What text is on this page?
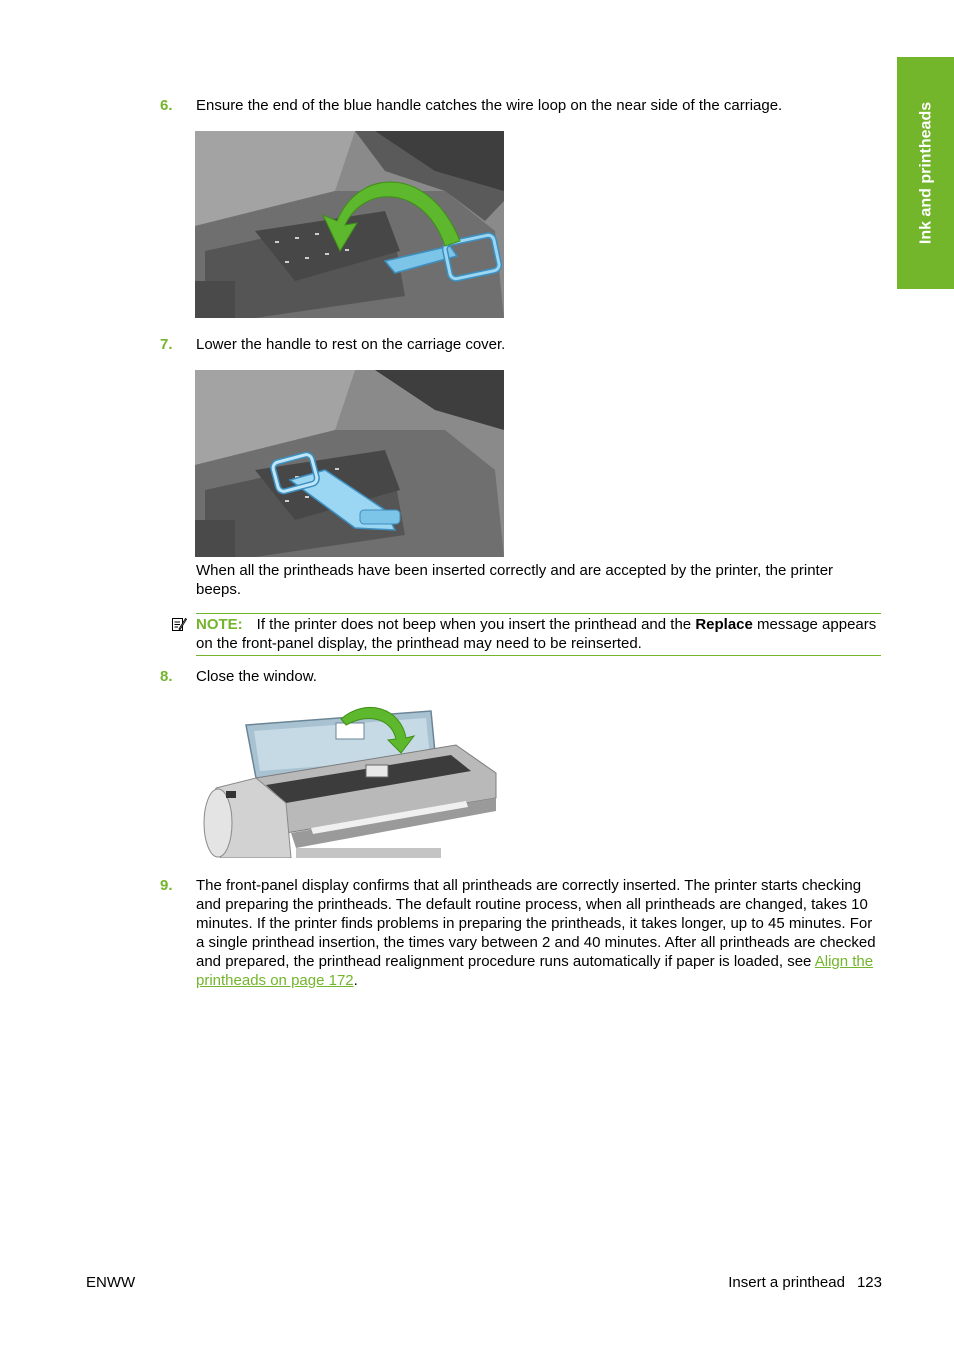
Ink and printheads
6. Ensure the end of the blue handle catches the wire loop on the near side of the carriage.
7. Lower the handle to rest on the carriage cover.
When all the printheads have been inserted correctly and are accepted by the printer, the printer beeps.
NOTE: If the printer does not beep when you insert the printhead and the Replace message appears on the front-panel display, the printhead may need to be reinserted.
8. Close the window.
9. The front-panel display confirms that all printheads are correctly inserted. The printer starts checking and preparing the printheads. The default routine process, when all printheads are changed, takes 10 minutes. If the printer finds problems in preparing the printheads, it takes longer, up to 45 minutes. For a single printhead insertion, the times vary between 2 and 40 minutes. After all printheads are checked and prepared, the printhead realignment procedure runs automatically if paper is loaded, see Align the printheads on page 172.
ENWW	Insert a printhead 123
